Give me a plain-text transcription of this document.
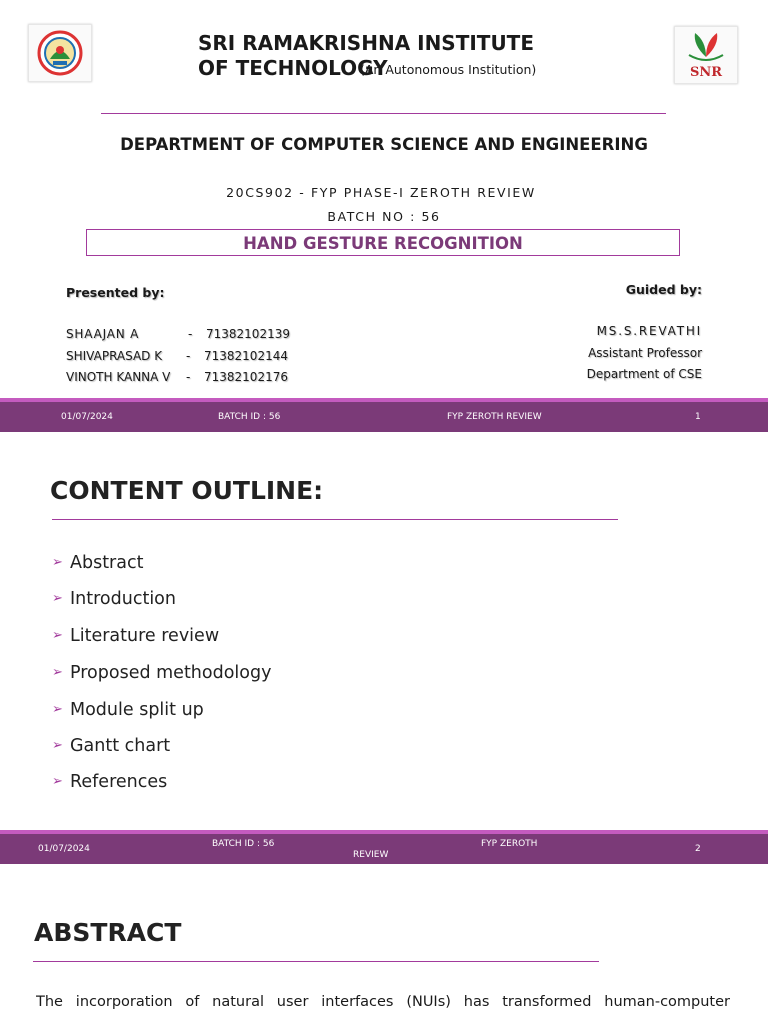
SRI RAMAKRISHNA INSTITUTE
OF TECHNOLOGY
(An Autonomous Institution)	SNR
DEPARTMENT OF COMPUTER SCIENCE AND ENGINEERING
20CS902 - FYP PHASE-I ZEROTH REVIEW
BATCH NO : 56
HAND GESTURE RECOGNITION
Presented by:	Guided by:
SHAAJAN A	- 71382102139
SHIVAPRASAD K - 71382102144
VINOTH KANNA V - 71382102176
MS.S.REVATHI
Assistant Professor
Department of CSE
01/07/2024	BATCH ID : 56	FYP ZEROTH REVIEW	1
CONTENT OUTLINE:
➢ Abstract
➢ Introduction
➢ Literature review
➢ Proposed methodology
➢ Module split up
➢ Gantt chart
➢ References
01/07/2024	BATCH ID : 56	FYP ZEROTH
REVIEW
2
ABSTRACT
The incorporation of natural user interfaces (NUIs) has transformed human-computer
